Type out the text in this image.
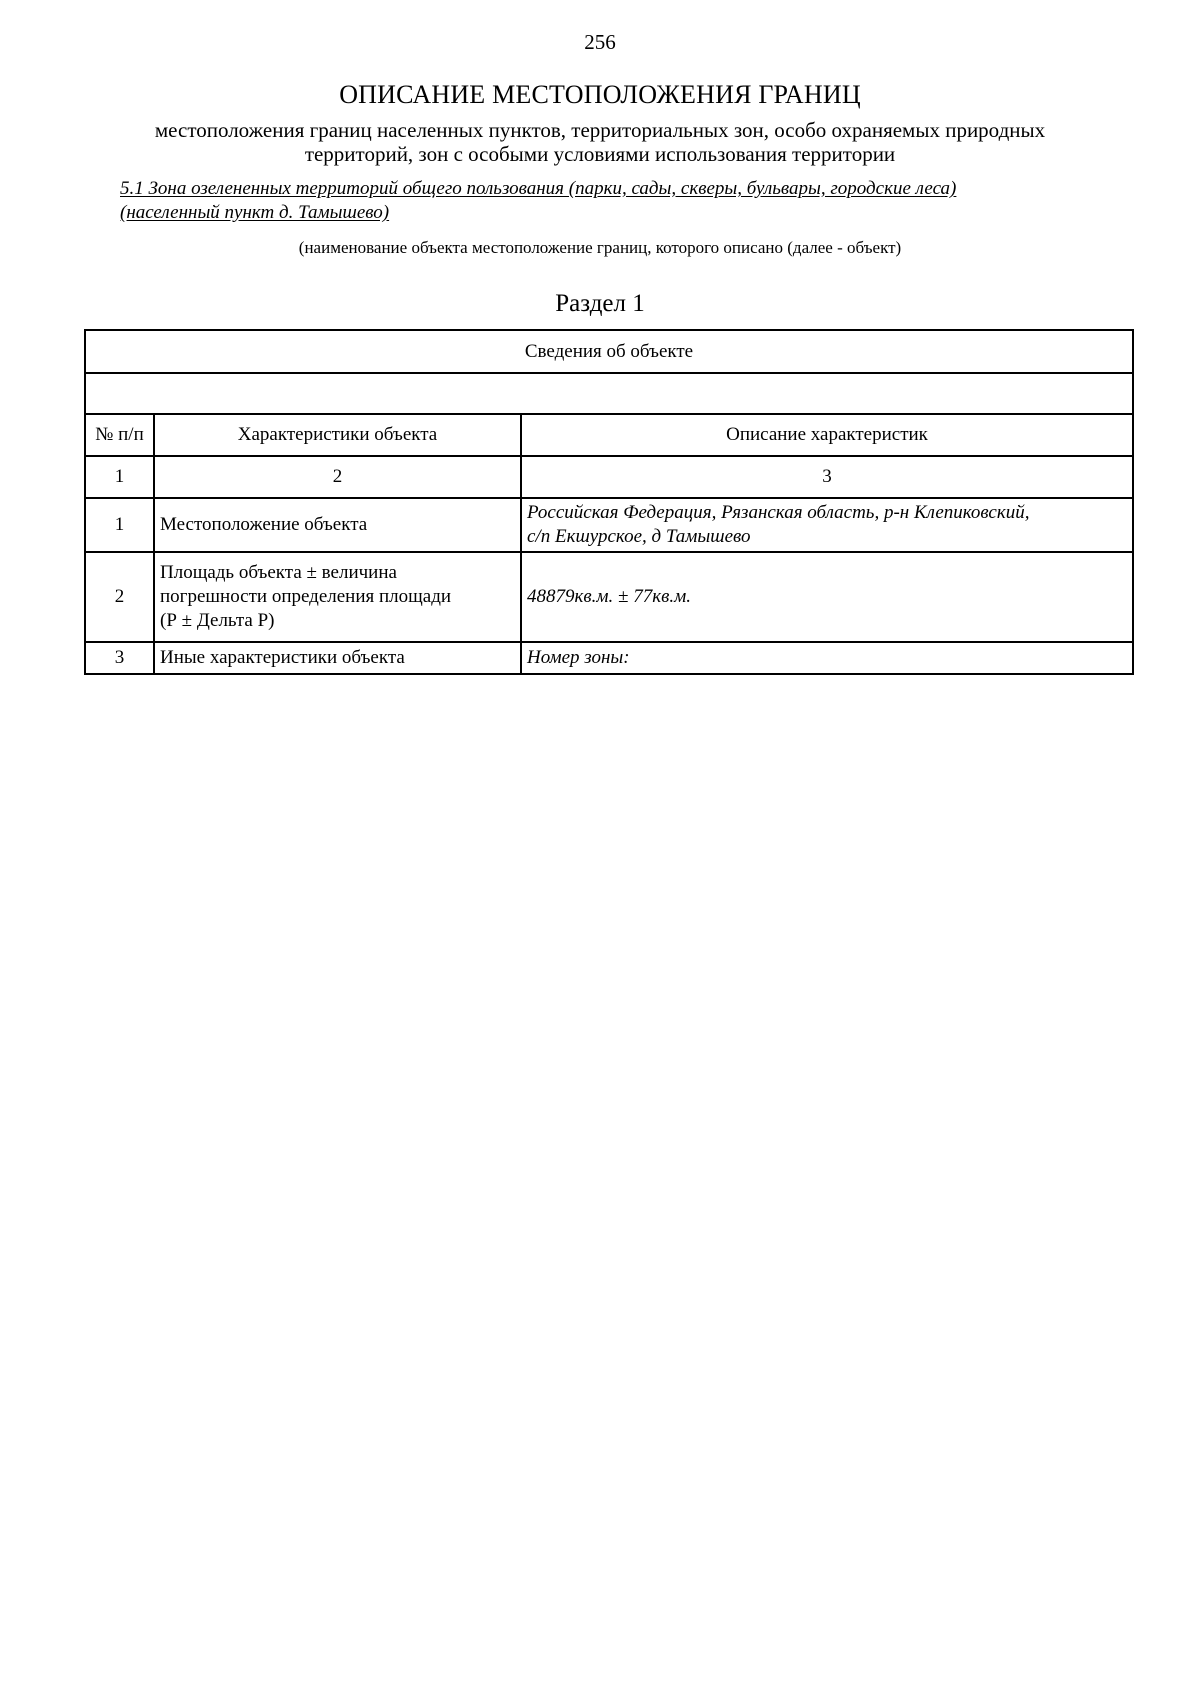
256
ОПИСАНИЕ МЕСТОПОЛОЖЕНИЯ ГРАНИЦ
местоположения границ населенных пунктов, территориальных зон, особо охраняемых природных
территорий, зон с особыми условиями использования территории
5.1 Зона озелененных территорий общего пользования (парки, сады, скверы, бульвары, городские леса)
(населенный пункт д. Тамышево)
(наименование объекта местоположение границ, которого описано (далее - объект)
Раздел 1
Сведения об объекте		

№ п/п	Характеристики объекта	Описание характеристик
1	2	3
1	Местоположение объекта	Российская Федерация, Рязанская область, р-н Клепиковский,
с/п Екшурское, д Тамышево

2	Площадь объекта ± величина
погрешности определения площади
(Р ± Дельта Р)	48879кв.м. ± 77кв.м.

3	Иные характеристики объекта	Номер зоны:
